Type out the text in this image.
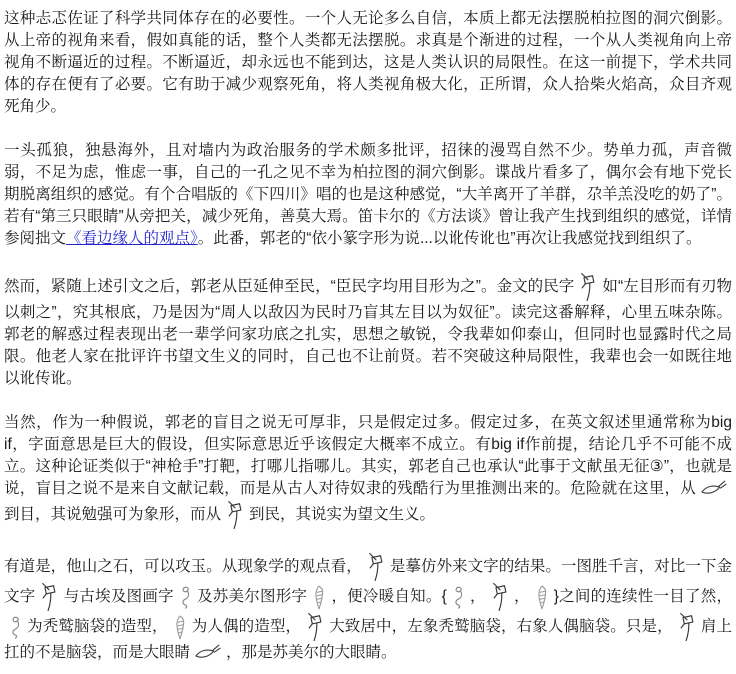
这种忐忑佐证了科学共同体存在的必要性。一个人无论多么自信，本质上都无法摆脱柏拉图的洞穴倒影。从上帝的视角来看，假如真能的话，整个人类都无法摆脱。求真是个渐进的过程，一个从人类视角向上帝视角不断逼近的过程。不断逼近，却永远也不能到达，这是人类认识的局限性。在这一前提下，学术共同体的存在便有了必要。它有助于减少观察死角，将人类视角极大化，正所谓，众人拾柴火焰高，众目齐观死角少。

一头孤狼，独悬海外，且对墙内为政治服务的学术颇多批评，招徕的漫骂自然不少。势单力孤，声音微弱，不足为虑，惟虑一事，自己的一孔之见不幸为柏拉图的洞穴倒影。谍战片看多了，偶尔会有地下党长期脱离组织的感觉。有个合唱版的《下四川》唱的也是这种感觉，“大羊离开了羊群，尕羊羔没吃的奶了”。若有“第三只眼睛”从旁把关，减少死角，善莫大焉。笛卡尔的《方法谈》曾让我产生找到组织的感觉，详情参阅拙文《看边缘人的观点》。此番，郭老的“依小篆字形为说...以讹传讹也”再次让我感觉找到组织了。

然而，紧随上述引文之后，郭老从臣延伸至民，“臣民字均用目形为之”。金文的民字 如“左目形而有刃物以刺之”，究其根底，乃是因为“周人以敌囚为民时乃盲其左目以为奴征”。读完这番解释，心里五味杂陈。郭老的解惑过程表现出老一辈学问家功底之扎实，思想之敏锐，令我辈如仰泰山，但同时也显露时代之局限。他老人家在批评许书望文生义的同时，自己也不让前贤。若不突破这种局限性，我辈也会一如既往地以讹传讹。

当然，作为一种假说，郭老的盲目之说无可厚非，只是假定过多。假定过多，在英文叙述里通常称为big if，字面意思是巨大的假设，但实际意思近乎该假定大概率不成立。有big if作前提，结论几乎不可能不成立。这种论证类似于“神枪手”打靶，打哪儿指哪儿。其实，郭老自己也承认“此事于文献虽无征③”，也就是说，盲目之说不是来自文献记载，而是从古人对待奴隶的残酷行为里推测出来的。危险就在这里，从到目，其说勉强可为象形，而从 到民，其说实为望文生义。

有道是，他山之石，可以攻玉。从现象学的观点看， 是摹仿外来文字的结果。一图胜千言，对比一下金文字 与古埃及图画字 及苏美尔图形字 ，便冷暖自知。{ ， ， }之间的连续性一目了然，为秃鹫脑袋的造型， 为人偶的造型， 大致居中，左象秃鹫脑袋，右象人偶脑袋。只是， 肩上扛的不是脑袋，而是大眼睛 ，那是苏美尔的大眼睛。
